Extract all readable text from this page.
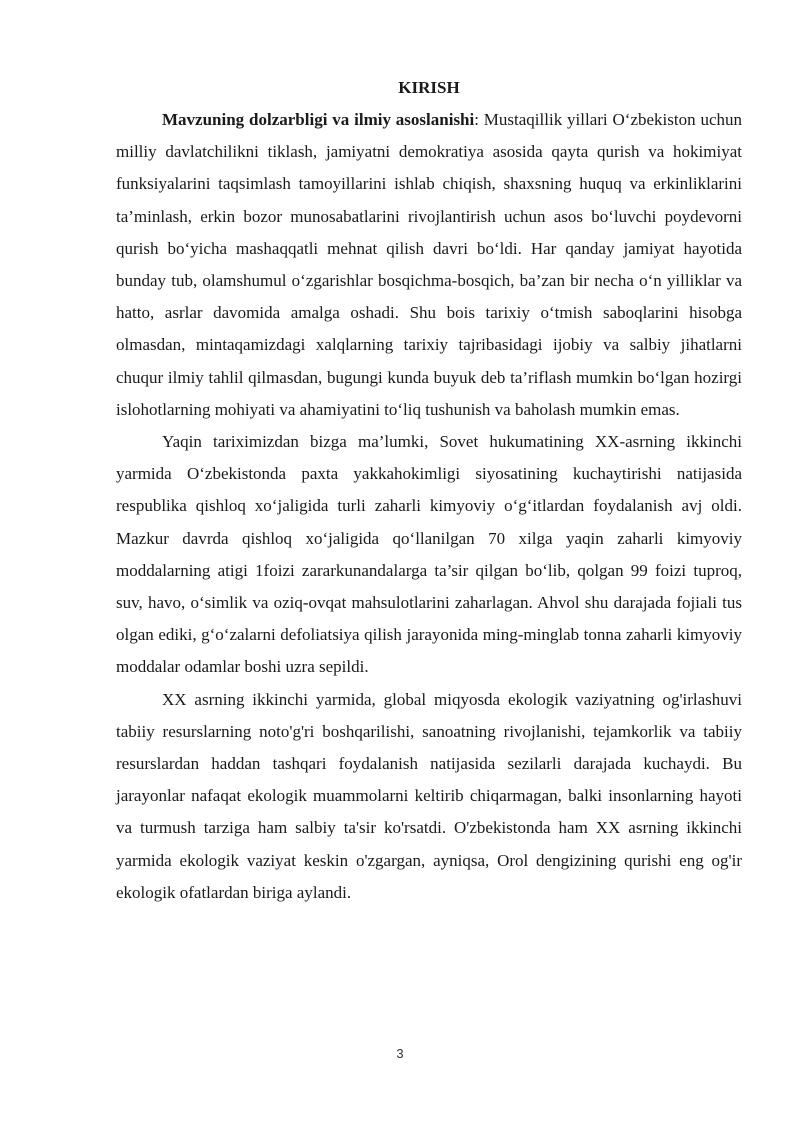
KIRISH

Mavzuning dolzarbligi va ilmiy asoslanishi: Mustaqillik yillari O‘zbekiston uchun milliy davlatchilikni tiklash, jamiyatni demokratiya asosida qayta qurish va hokimiyat funksiyalarini taqsimlash tamoyillarini ishlab chiqish, shaxsning huquq va erkinliklarini ta’minlash, erkin bozor munosabatlarini rivojlantirish uchun asos bo‘luvchi poydevorni qurish bo‘yicha mashaqqatli mehnat qilish davri bo‘ldi. Har qanday jamiyat hayotida bunday tub, olamshumul o‘zgarishlar bosqichma-bosqich, ba’zan bir necha o‘n yilliklar va hatto, asrlar davomida amalga oshadi. Shu bois tarixiy o‘tmish saboqlarini hisobga olmasdan, mintaqamizdagi xalqlarning tarixiy tajribasidagi ijobiy va salbiy jihatlarni chuqur ilmiy tahlil qilmasdan, bugungi kunda buyuk deb ta’riflash mumkin bo‘lgan hozirgi islohotlarning mohiyati va ahamiyatini to‘liq tushunish va baholash mumkin emas.

Yaqin tariximizdan bizga ma’lumki, Sovet hukumatining XX-asrning ikkinchi yarmida O‘zbekistonda paxta yakkahokimligi siyosatining kuchaytirishi natijasida respublika qishloq xo‘jaligida turli zaharli kimyoviy o‘g‘itlardan foydalanish avj oldi. Mazkur davrda qishloq xo‘jaligida qo‘llanilgan 70 xilga yaqin zaharli kimyoviy moddalarning atigi 1foizi zararkunandalarga ta’sir qilgan bo‘lib, qolgan 99 foizi tuproq, suv, havo, o‘simlik va oziq-ovqat mahsulotlarini zaharlagan. Ahvol shu darajada fojiali tus olgan ediki, g‘o‘zalarni defoliatsiya qilish jarayonida ming-minglab tonna zaharli kimyoviy moddalar odamlar boshi uzra sepildi.

XX asrning ikkinchi yarmida, global miqyosda ekologik vaziyatning og'irlashuvi tabiiy resurslarning noto'g'ri boshqarilishi, sanoatning rivojlanishi, tejamkorlik va tabiiy resurslardan haddan tashqari foydalanish natijasida sezilarli darajada kuchaydi. Bu jarayonlar nafaqat ekologik muammolarni keltirib chiqarmagan, balki insonlarning hayoti va turmush tarziga ham salbiy ta'sir ko'rsatdi. O'zbekistonda ham XX asrning ikkinchi yarmida ekologik vaziyat keskin o'zgargan, ayniqsa, Orol dengizining qurishi eng og'ir ekologik ofatlardan biriga aylandi.

3
